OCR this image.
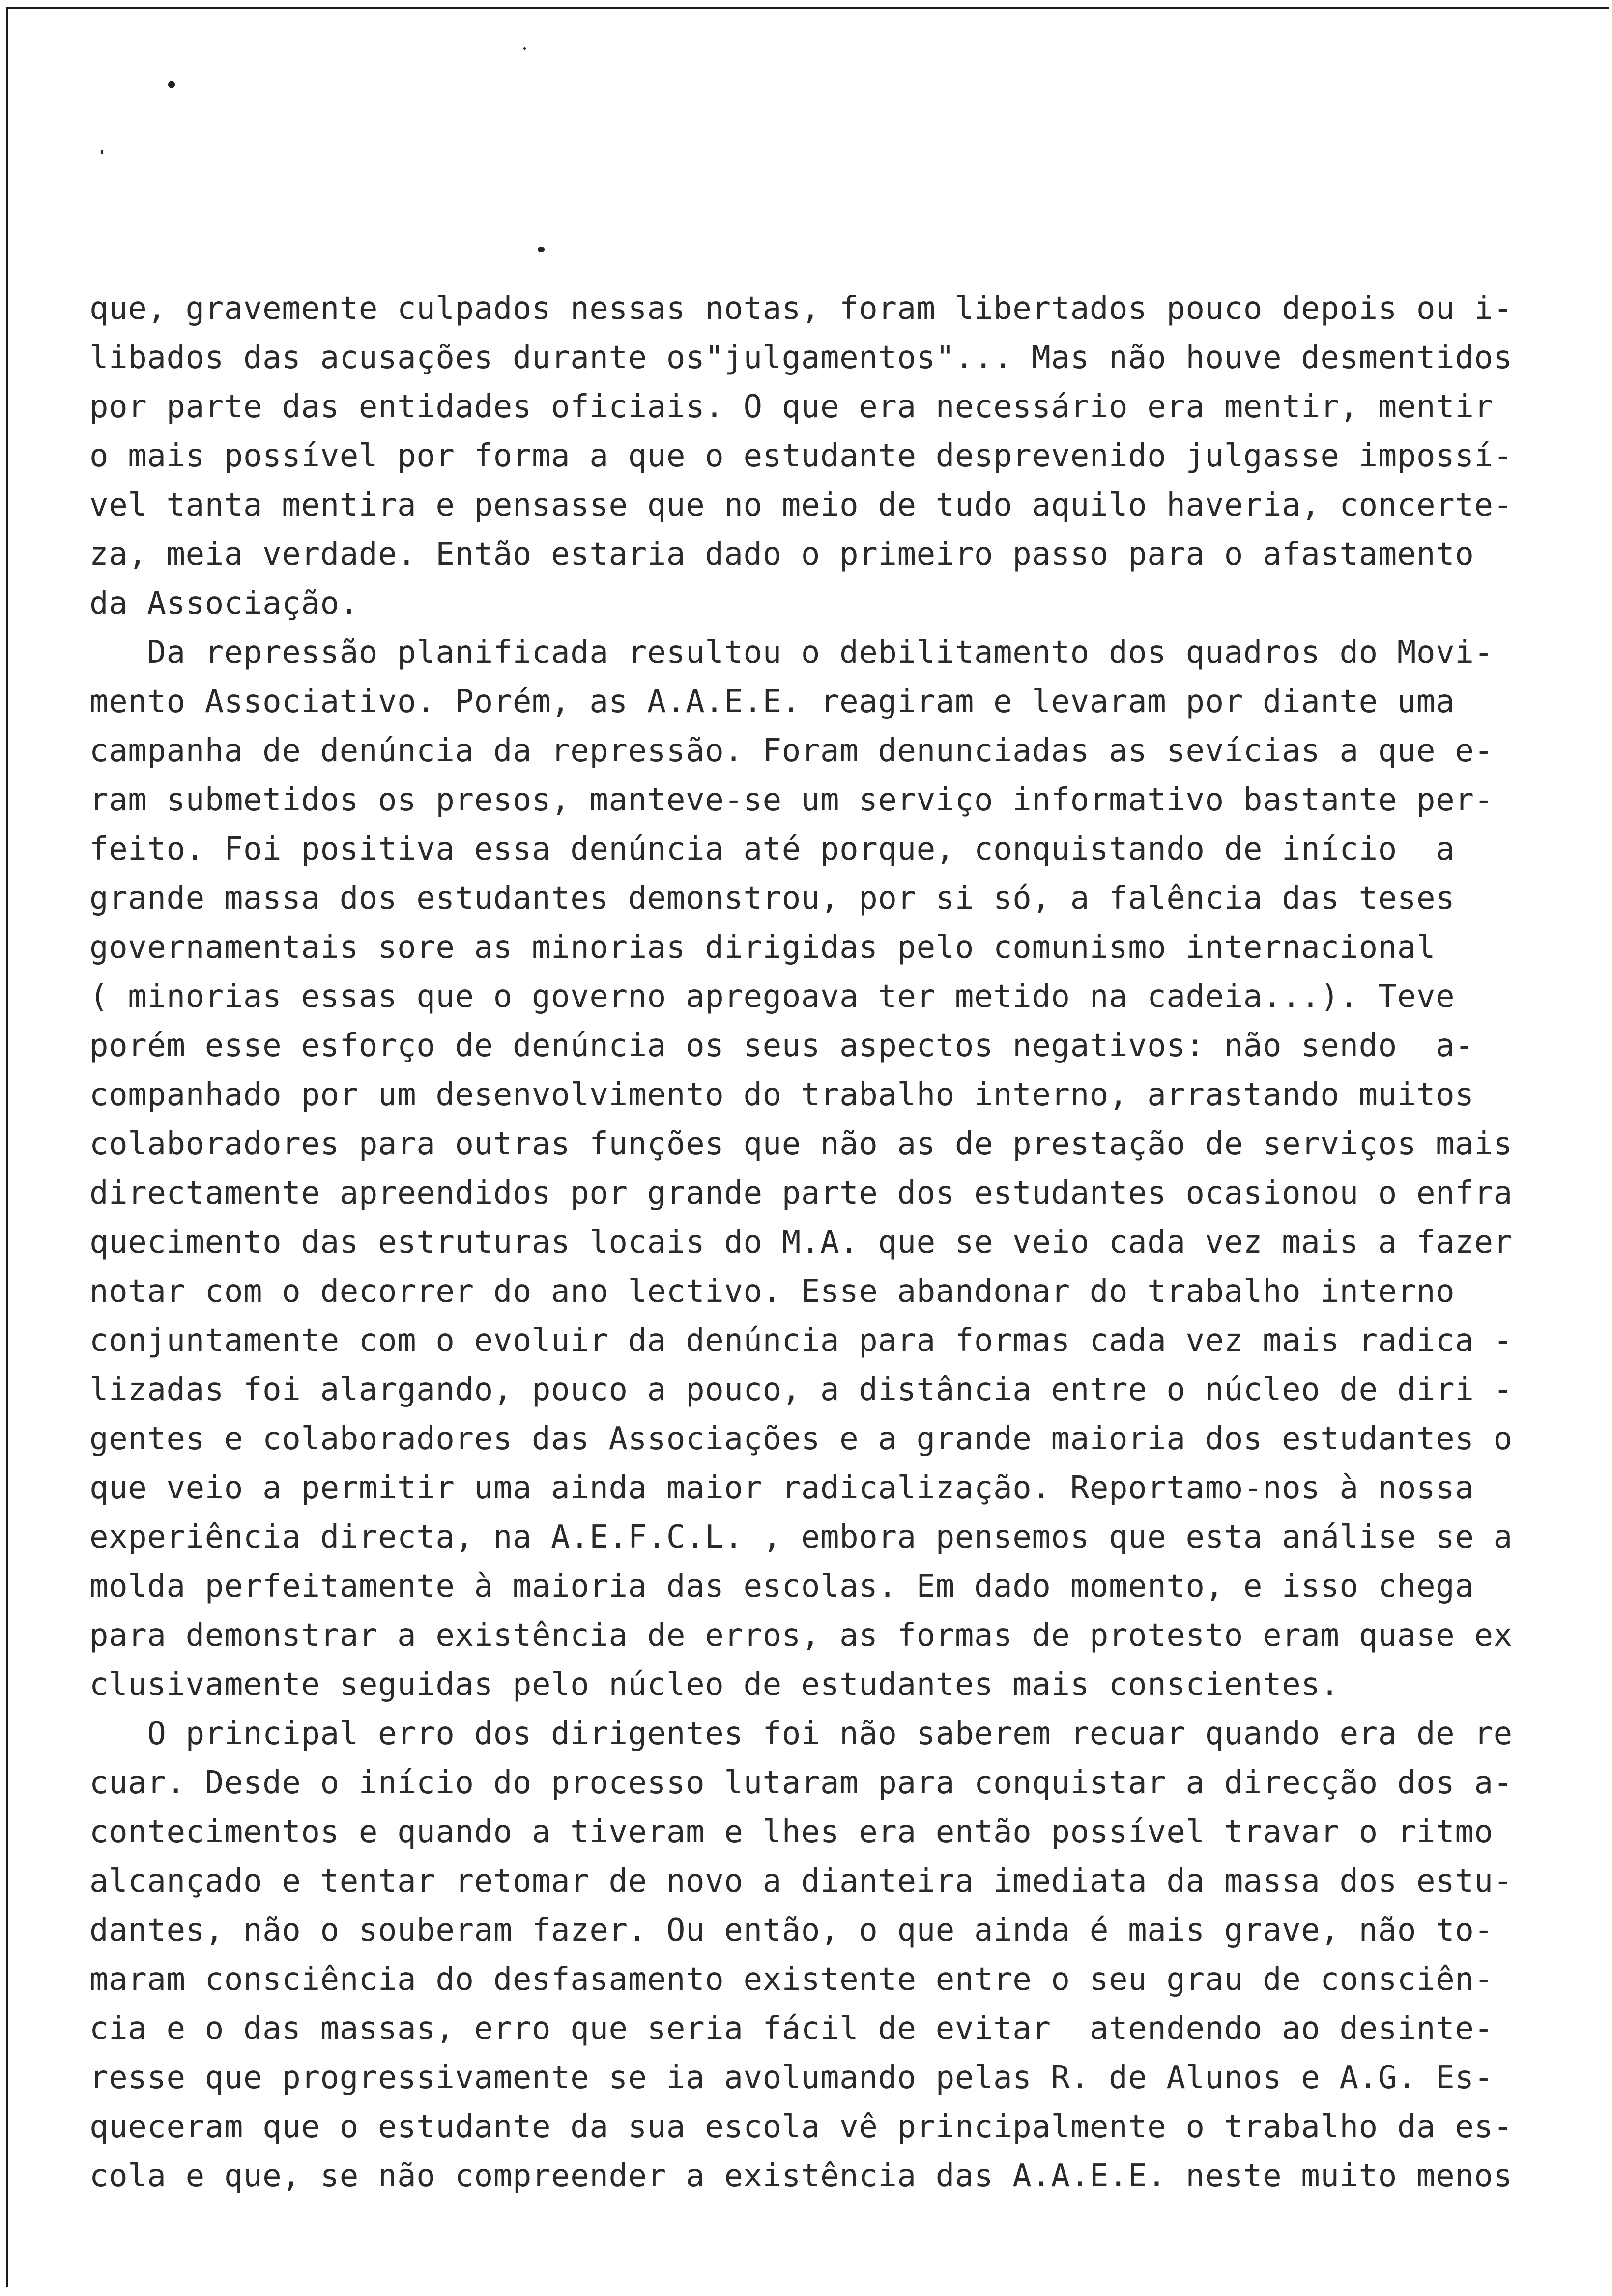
que, gravemente culpados nessas notas, foram libertados pouco depois ou i-
libados das acusações durante os"julgamentos"... Mas não houve desmentidos
por parte das entidades oficiais. O que era necessário era mentir, mentir
o mais possível por forma a que o estudante desprevenido julgasse impossí-
vel tanta mentira e pensasse que no meio de tudo aquilo haveria, concerte-
za, meia verdade. Então estaria dado o primeiro passo para o afastamento
da Associação.
Da repressão planificada resultou o debilitamento dos quadros do Movi-
mento Associativo. Porém, as A.A.E.E. reagiram e levaram por diante uma
campanha de denúncia da repressão. Foram denunciadas as sevícias a que e-
ram submetidos os presos, manteve-se um serviço informativo bastante per-
feito. Foi positiva essa denúncia até porque, conquistando de início  a
grande massa dos estudantes demonstrou, por si só, a falência das teses
governamentais sore as minorias dirigidas pelo comunismo internacional
( minorias essas que o governo apregoava ter metido na cadeia...). Teve
porém esse esforço de denúncia os seus aspectos negativos: não sendo  a-
companhado por um desenvolvimento do trabalho interno, arrastando muitos
colaboradores para outras funções que não as de prestação de serviços mais
directamente apreendidos por grande parte dos estudantes ocasionou o enfra
quecimento das estruturas locais do M.A. que se veio cada vez mais a fazer
notar com o decorrer do ano lectivo. Esse abandonar do trabalho interno
conjuntamente com o evoluir da denúncia para formas cada vez mais radica -
lizadas foi alargando, pouco a pouco, a distância entre o núcleo de diri -
gentes e colaboradores das Associações e a grande maioria dos estudantes o
que veio a permitir uma ainda maior radicalização. Reportamo-nos à nossa
experiência directa, na A.E.F.C.L. , embora pensemos que esta análise se a
molda perfeitamente à maioria das escolas. Em dado momento, e isso chega
para demonstrar a existência de erros, as formas de protesto eram quase ex
clusivamente seguidas pelo núcleo de estudantes mais conscientes.
O principal erro dos dirigentes foi não saberem recuar quando era de re
cuar. Desde o início do processo lutaram para conquistar a direcção dos a-
contecimentos e quando a tiveram e lhes era então possível travar o ritmo
alcançado e tentar retomar de novo a dianteira imediata da massa dos estu-
dantes, não o souberam fazer. Ou então, o que ainda é mais grave, não to-
maram consciência do desfasamento existente entre o seu grau de consciên-
cia e o das massas, erro que seria fácil de evitar  atendendo ao desinte-
resse que progressivamente se ia avolumando pelas R. de Alunos e A.G. Es-
queceram que o estudante da sua escola vê principalmente o trabalho da es-
cola e que, se não compreender a existência das A.A.E.E. neste muito menos
